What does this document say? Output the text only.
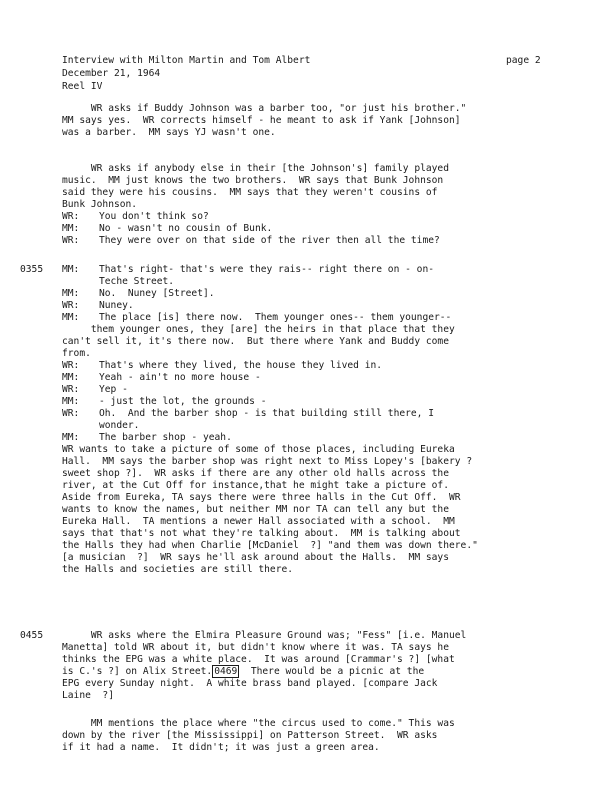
Interview with Milton Martin and Tom Albert	page 2
December 21, 1964
Reel IV
0355
0455
WR asks if Buddy Johnson was a barber too, "or just his brother."
MM says yes.  WR corrects himself - he meant to ask if Yank [Johnson]
was a barber.  MM says YJ wasn't one.
WR asks if anybody else in their [the Johnson's] family played
music.  MM just knows the two brothers.  WR says that Bunk Johnson
said they were his cousins.  MM says that they weren't cousins of
Bunk Johnson.
WR: You don't think so?
MM: No - wasn't no cousin of Bunk.
WR: They were over on that side of the river then all the time?
MM: That's right- that's were they rais-- right there on - on-
Teche Street.
MM: No.  Nuney [Street].
WR: Nuney.
MM: The place [is] there now.  Them younger ones-- them younger--
them younger ones, they [are] the heirs in that place that they
can't sell it, it's there now.  But there where Yank and Buddy come
from.
WR: That's where they lived, the house they lived in.
MM: Yeah - ain't no more house -
WR: Yep -
MM: - just the lot, the grounds -
WR: Oh.  And the barber shop - is that building still there, I
wonder.
MM: The barber shop - yeah.
WR wants to take a picture of some of those places, including Eureka
Hall.  MM says the barber shop was right next to Miss Lopey's [bakery ?
sweet shop ?].  WR asks if there are any other old halls across the
river, at the Cut Off for instance,that he might take a picture of.
Aside from Eureka, TA says there were three halls in the Cut Off.  WR
wants to know the names, but neither MM nor TA can tell any but the
Eureka Hall.  TA mentions a newer Hall associated with a school.  MM
says that that's not what they're talking about.  MM is talking about
the Halls they had when Charlie [McDaniel  ?] "and them was down there."
[a musician  ?]  WR says he'll ask around about the Halls.  MM says
the Halls and societies are still there.
WR asks where the Elmira Pleasure Ground was; "Fess" [i.e. Manuel
Manetta] told WR about it, but didn't know where it was. TA says he
thinks the EPG was a white place.  It was around [Crammar's ?] [what
is C.'s ?] on Alix Street. 0469  There would be a picnic at the
EPG every Sunday night.  A white brass band played. [compare Jack
Laine  ?]
MM mentions the place where "the circus used to come." This was
down by the river [the Mississippi] on Patterson Street.  WR asks
if it had a name.  It didn't; it was just a green area.
